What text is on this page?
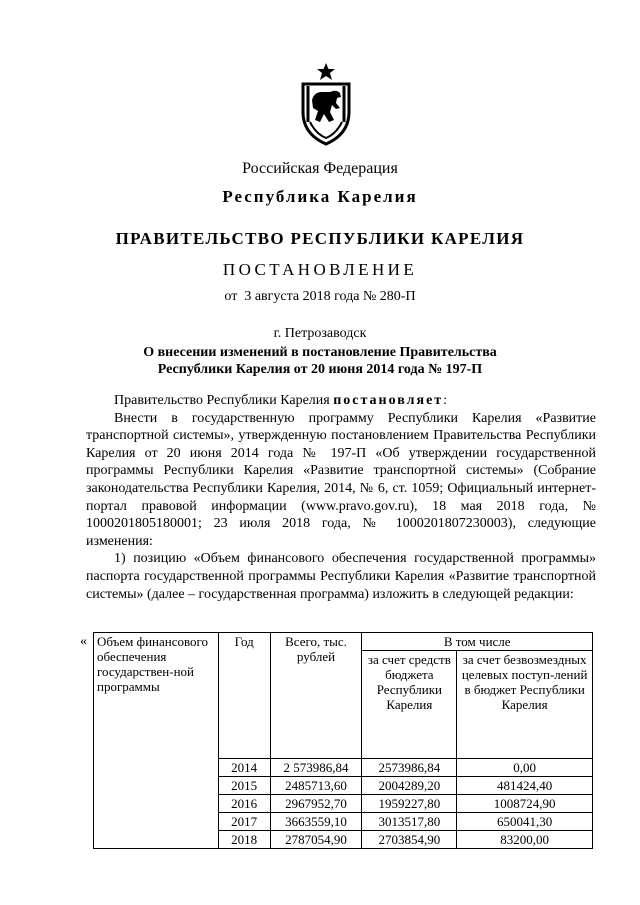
Российская Федерация
Республика Карелия
ПРАВИТЕЛЬСТВО РЕСПУБЛИКИ КАРЕЛИЯ
ПОСТАНОВЛЕНИЕ
от  3 августа 2018 года № 280-П
г. Петрозаводск
О внесении изменений в постановление Правительства
Республики Карелия от 20 июня 2014 года № 197-П

Правительство Республики Карелия постановляет:

Внести в государственную программу Республики Карелия «Развитие транспортной системы», утвержденную постановлением Правительства Республики Карелия от 20 июня 2014 года № 197-П «Об утверждении государственной программы Республики Карелия «Развитие транспортной системы» (Собрание законодательства Республики Карелия, 2014, № 6, ст. 1059; Официальный интернет-портал правовой информации (www.pravo.gov.ru), 18 мая 2018 года, № 1000201805180001; 23 июля 2018 года, № 1000201807230003), следующие изменения:

1) позицию «Объем финансового обеспечения государственной программы» паспорта государственной программы Республики Карелия «Развитие транспортной системы» (далее – государственная программа) изложить в следующей редакции:

« Объем финансового обеспечения государствен-ной программы	Год	Всего, тыс. рублей	В том числе	
			за счет средств бюджета Республики Карелия	за счет безвозмездных целевых поступ-лений в бюджет Республики Карелия
	2014	2 573986,84	2573986,84	0,00
	2015	2485713,60	2004289,20	481424,40
	2016	2967952,70	1959227,80	1008724,90
	2017	3663559,10	3013517,80	650041,30
	2018	2787054,90	2703854,90	83200,00
